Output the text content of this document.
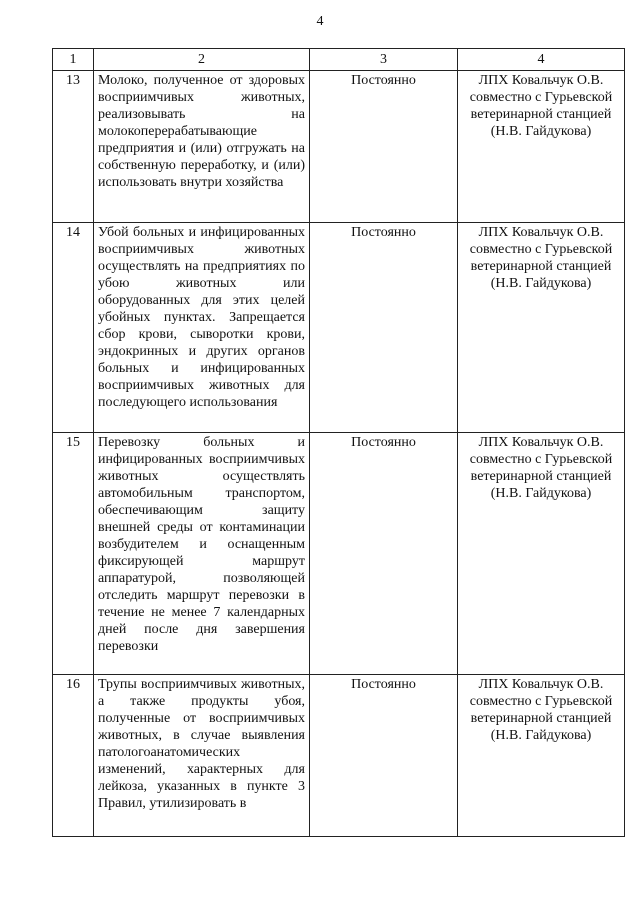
4
1	2	3	4
13	Молоко, полученное от здоровых восприимчивых животных, реализовывать на молокоперерабатывающие предприятия и (или) отгружать на собственную переработку, и (или) использовать внутри хозяйства	Постоянно	ЛПХ Ковальчук О.В. совместно с Гурьевской ветеринарной станцией (Н.В. Гайдукова)
14	Убой больных и инфицированных восприимчивых животных осуществлять на предприятиях по убою животных или оборудованных для этих целей убойных пунктах. Запрещается сбор крови, сыворотки крови, эндокринных и других органов больных и инфицированных восприимчивых животных для последующего использования	Постоянно	ЛПХ Ковальчук О.В. совместно с Гурьевской ветеринарной станцией (Н.В. Гайдукова)
15	Перевозку больных и инфицированных восприимчивых животных осуществлять автомобильным транспортом, обеспечивающим защиту внешней среды от контаминации возбудителем и оснащенным фиксирующей маршрут аппаратурой, позволяющей отследить маршрут перевозки в течение не менее 7 календарных дней после дня завершения перевозки	Постоянно	ЛПХ Ковальчук О.В. совместно с Гурьевской ветеринарной станцией (Н.В. Гайдукова)
16	Трупы восприимчивых животных, а также продукты убоя, полученные от восприимчивых животных, в случае выявления патологоанатомических изменений, характерных для лейкоза, указанных в пункте 3 Правил, утилизировать в	Постоянно	ЛПХ Ковальчук О.В. совместно с Гурьевской ветеринарной станцией (Н.В. Гайдукова)
